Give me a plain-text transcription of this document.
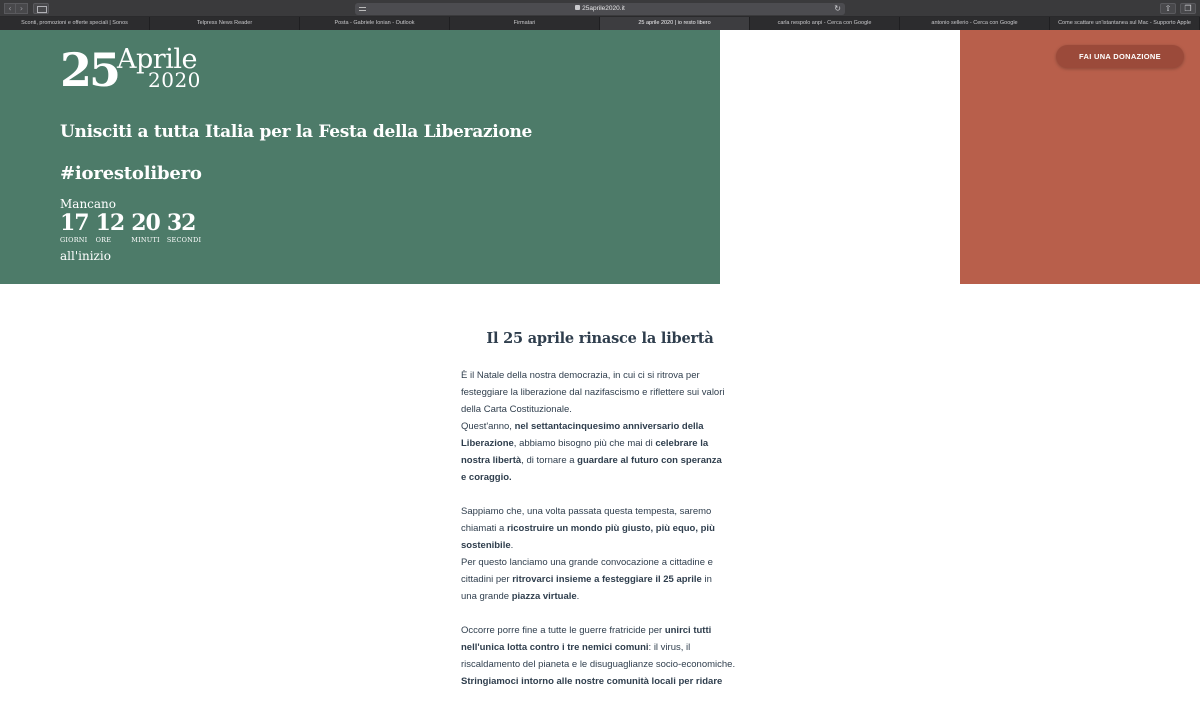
‹	›	25aprile2020.it	↻	⇧	❐
Sconti, promozioni e offerte speciali | Sonos	Telpress News Reader	Posta - Gabriele Ionian - Outlook	Firmatari	25 aprile 2020 | io resto libero	carla nespolo anpi - Cerca con Google	antonio sellerio - Cerca con Google	Come scattare un'istantanea sul Mac - Supporto Apple
25
Aprile
2020
Unisciti a tutta Italia per la Festa della Liberazione
#iorestolibero
Mancano
17
GIORNI
12
ORE
20
MINUTI
32
SECONDI
all'inizio
FAI UNA DONAZIONE
Il 25 aprile rinasce la libertà
È il Natale della nostra democrazia, in cui ci si ritrova per
festeggiare la liberazione dal nazifascismo e riflettere sui valori
della Carta Costituzionale.
Quest'anno, nel settantacinquesimo anniversario della
Liberazione, abbiamo bisogno più che mai di celebrare la
nostra libertà, di tornare a guardare al futuro con speranza
e coraggio.
Sappiamo che, una volta passata questa tempesta, saremo
chiamati a ricostruire un mondo più giusto, più equo, più
sostenibile.
Per questo lanciamo una grande convocazione a cittadine e
cittadini per ritrovarci insieme a festeggiare il 25 aprile in
una grande piazza virtuale.
Occorre porre fine a tutte le guerre fratricide per unirci tutti
nell'unica lotta contro i tre nemici comuni: il virus, il
riscaldamento del pianeta e le disuguaglianze socio-economiche.
Stringiamoci intorno alle nostre comunità locali per ridare
